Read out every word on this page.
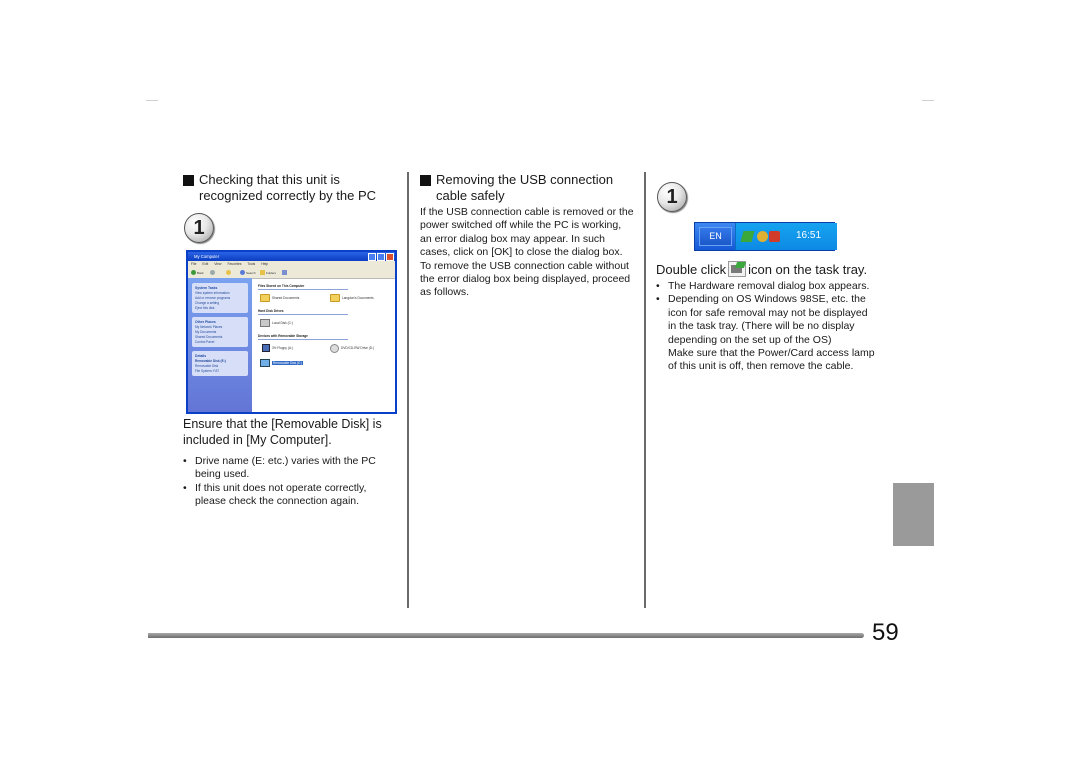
Checking that this unit is recognized correctly by the PC
1
My Computer
File Edit View Favorites Tools Help
Back	Search	Folders
System Tasks
View system information
Add or remove programs
Change a setting
Eject this disk
Other Places
My Network Places
My Documents
Shared Documents
Control Panel
Details
Removable Disk (E:)
Removable Disk
File System: FAT
Files Stored on This Computer
Shared Documents	Langdon's Documents
Hard Disk Drives
Local Disk (C:)
Devices with Removable Storage
3½ Floppy (A:)	DVD/CD-RW Drive (D:)
Removable Disk (E:)
Ensure that the [Removable Disk] is included in [My Computer].
• Drive name (E: etc.) varies with the PC being used.
• If this unit does not operate correctly, please check the connection again.
Removing the USB connection cable safely
If the USB connection cable is removed or the power switched off while the PC is working, an error dialog box may appear. In such cases, click on [OK] to close the dialog box. To remove the USB connection cable without the error dialog box being displayed, proceed as follows.
1
EN	16:51
Double click icon on the task tray.
• The Hardware removal dialog box appears.
• Depending on OS Windows 98SE, etc. the icon for safe removal may not be displayed in the task tray. (There will be no display depending on the set up of the OS)
Make sure that the Power/Card access lamp of this unit is off, then remove the cable.
59
